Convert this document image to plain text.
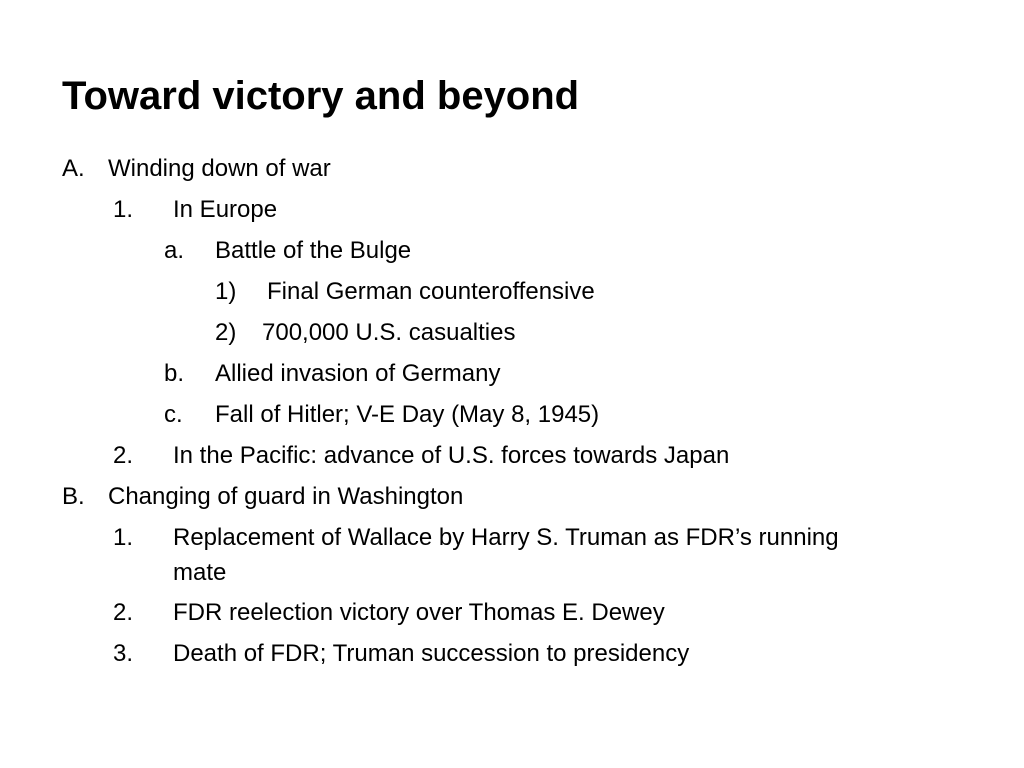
Toward victory and beyond
A. Winding down of war
1. In Europe
a. Battle of the Bulge
1) Final German counteroffensive
2) 700,000 U.S. casualties
b. Allied invasion of Germany
c. Fall of Hitler; V-E Day (May 8, 1945)
2. In the Pacific: advance of U.S. forces towards Japan
B. Changing of guard in Washington
1. Replacement of Wallace by Harry S. Truman as FDR’s running mate
2. FDR reelection victory over Thomas E. Dewey
3. Death of FDR; Truman succession to presidency
